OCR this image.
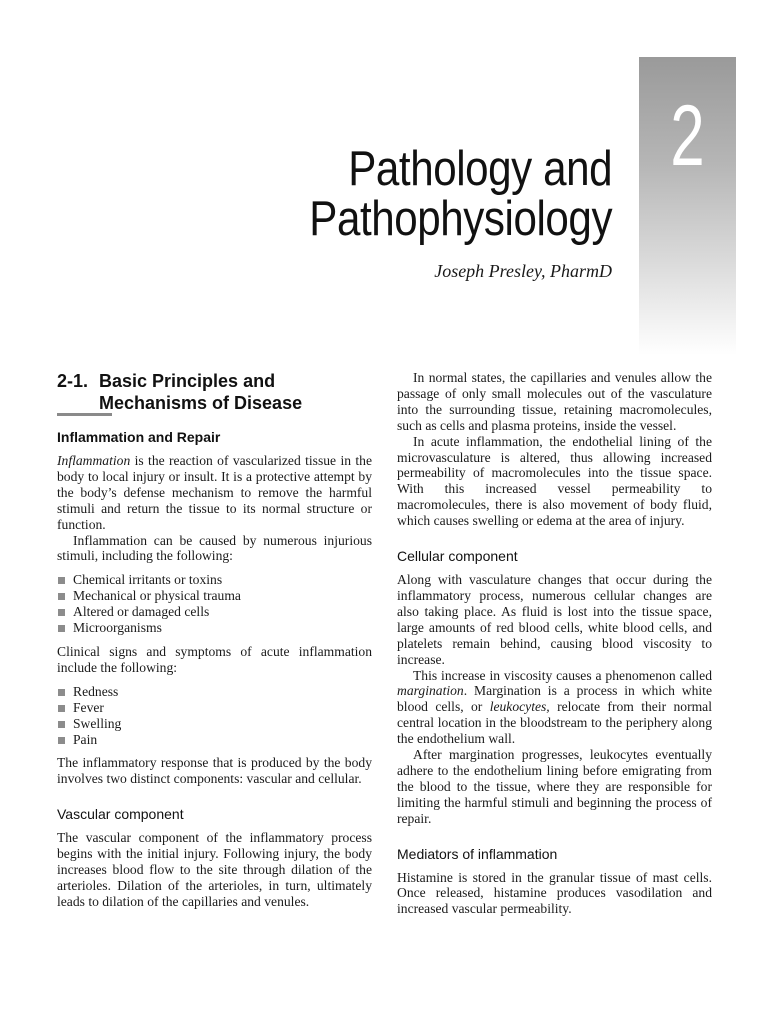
2
Pathology and
Pathophysiology
Joseph Presley, PharmD
2-1. Basic Principles and
Mechanisms of Disease
Inflammation and Repair

Inflammation is the reaction of vascularized tissue in the body to local injury or insult. It is a protective attempt by the body’s defense mechanism to remove the harmful stimuli and return the tissue to its normal structure or function.

Inflammation can be caused by numerous injurious stimuli, including the following:

Chemical irritants or toxins
Mechanical or physical trauma
Altered or damaged cells
Microorganisms

Clinical signs and symptoms of acute inflammation include the following:

Redness
Fever
Swelling
Pain

The inflammatory response that is produced by the body involves two distinct components: vascular and cellular.

Vascular component

The vascular component of the inflammatory process begins with the initial injury. Following injury, the body increases blood flow to the site through dilation of the arterioles. Dilation of the arterioles, in turn, ultimately leads to dilation of the capillaries and venules.

In normal states, the capillaries and venules allow the passage of only small molecules out of the vasculature into the surrounding tissue, retaining macromolecules, such as cells and plasma proteins, inside the vessel.

In acute inflammation, the endothelial lining of the microvasculature is altered, thus allowing increased permeability of macromolecules into the tissue space. With this increased vessel permeability to macromolecules, there is also movement of body fluid, which causes swelling or edema at the area of injury.

Cellular component

Along with vasculature changes that occur during the inflammatory process, numerous cellular changes are also taking place. As fluid is lost into the tissue space, large amounts of red blood cells, white blood cells, and platelets remain behind, causing blood viscosity to increase.

This increase in viscosity causes a phenomenon called margination. Margination is a process in which white blood cells, or leukocytes, relocate from their normal central location in the bloodstream to the periphery along the endothelium wall.

After margination progresses, leukocytes eventually adhere to the endothelium lining before emigrating from the blood to the tissue, where they are responsible for limiting the harmful stimuli and beginning the process of repair.

Mediators of inflammation

Histamine is stored in the granular tissue of mast cells. Once released, histamine produces vasodilation and increased vascular permeability.
